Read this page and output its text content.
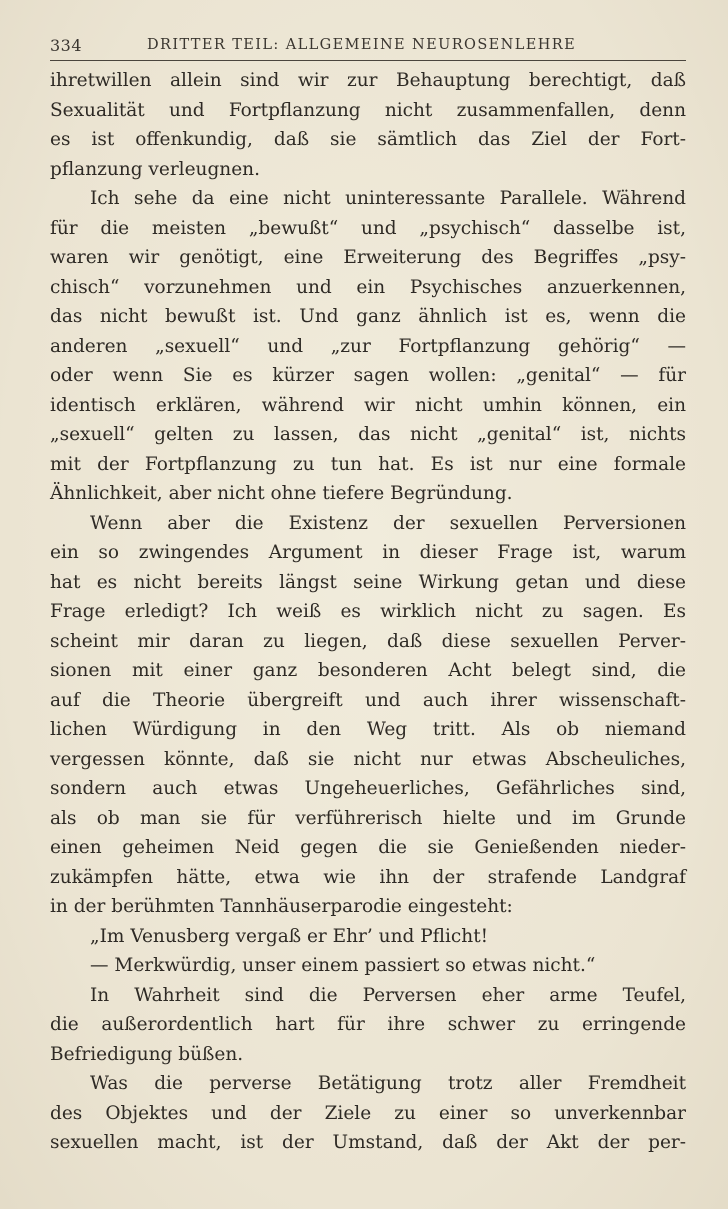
334	DRITTER TEIL: ALLGEMEINE NEUROSENLEHRE
ihretwillen allein sind wir zur Behauptung berechtigt, daß
Sexualität und Fortpflanzung nicht zusammenfallen, denn
es ist offenkundig, daß sie sämtlich das Ziel der Fort-
pflanzung verleugnen.
Ich sehe da eine nicht uninteressante Parallele. Während
für die meisten „bewußt“ und „psychisch“ dasselbe ist,
waren wir genötigt, eine Erweiterung des Begriffes „psy-
chisch“ vorzunehmen und ein Psychisches anzuerkennen,
das nicht bewußt ist. Und ganz ähnlich ist es, wenn die
anderen „sexuell“ und „zur Fortpflanzung gehörig“ —
oder wenn Sie es kürzer sagen wollen: „genital“ — für
identisch erklären, während wir nicht umhin können, ein
„sexuell“ gelten zu lassen, das nicht „genital“ ist, nichts
mit der Fortpflanzung zu tun hat. Es ist nur eine formale
Ähnlichkeit, aber nicht ohne tiefere Begründung.
Wenn aber die Existenz der sexuellen Perversionen
ein so zwingendes Argument in dieser Frage ist, warum
hat es nicht bereits längst seine Wirkung getan und diese
Frage erledigt? Ich weiß es wirklich nicht zu sagen. Es
scheint mir daran zu liegen, daß diese sexuellen Perver-
sionen mit einer ganz besonderen Acht belegt sind, die
auf die Theorie übergreift und auch ihrer wissenschaft-
lichen Würdigung in den Weg tritt. Als ob niemand
vergessen könnte, daß sie nicht nur etwas Abscheuliches,
sondern auch etwas Ungeheuerliches, Gefährliches sind,
als ob man sie für verführerisch hielte und im Grunde
einen geheimen Neid gegen die sie Genießenden nieder-
zukämpfen hätte, etwa wie ihn der strafende Landgraf
in der berühmten Tannhäuserparodie eingesteht:
„Im Venusberg vergaß er Ehr’ und Pflicht!
— Merkwürdig, unser einem passiert so etwas nicht.“
In Wahrheit sind die Perversen eher arme Teufel,
die außerordentlich hart für ihre schwer zu erringende
Befriedigung büßen.
Was die perverse Betätigung trotz aller Fremdheit
des Objektes und der Ziele zu einer so unverkennbar
sexuellen macht, ist der Umstand, daß der Akt der per-
